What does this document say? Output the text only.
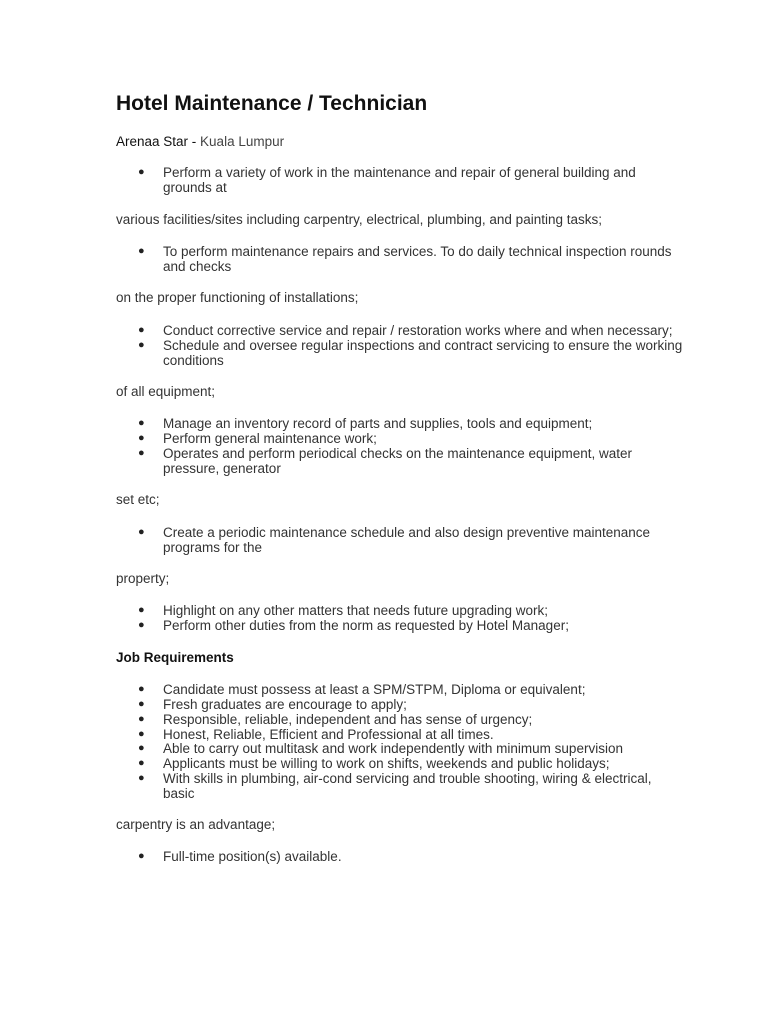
Hotel Maintenance / Technician
Arenaa Star - Kuala Lumpur
● Perform a variety of work in the maintenance and repair of general building and grounds at
various facilities/sites including carpentry, electrical, plumbing, and painting tasks;
● To perform maintenance repairs and services. To do daily technical inspection rounds and checks
on the proper functioning of installations;
● Conduct corrective service and repair / restoration works where and when necessary;
● Schedule and oversee regular inspections and contract servicing to ensure the working conditions
of all equipment;
● Manage an inventory record of parts and supplies, tools and equipment;
● Perform general maintenance work;
● Operates and perform periodical checks on the maintenance equipment, water pressure, generator
set etc;
● Create a periodic maintenance schedule and also design preventive maintenance programs for the
property;
● Highlight on any other matters that needs future upgrading work;
● Perform other duties from the norm as requested by Hotel Manager;
Job Requirements
● Candidate must possess at least a SPM/STPM, Diploma or equivalent;
● Fresh graduates are encourage to apply;
● Responsible, reliable, independent and has sense of urgency;
● Honest, Reliable, Efficient and Professional at all times.
● Able to carry out multitask and work independently with minimum supervision
● Applicants must be willing to work on shifts, weekends and public holidays;
● With skills in plumbing, air-cond servicing and trouble shooting, wiring & electrical, basic
carpentry is an advantage;
● Full-time position(s) available.
